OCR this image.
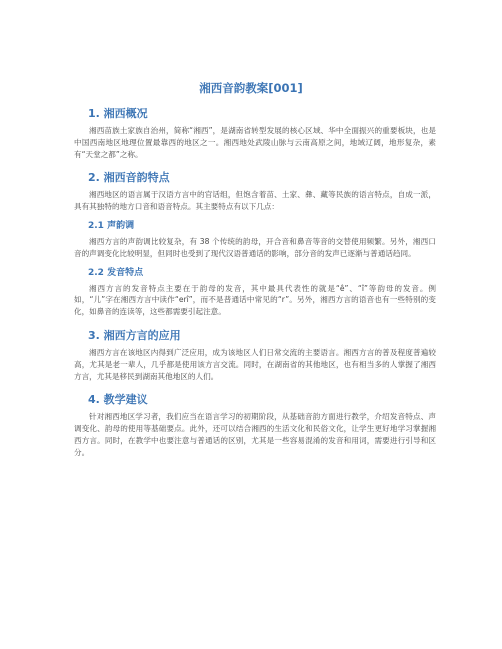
湘西音韵教案[001]
1. 湘西概况

湘西苗族土家族自治州，简称“湘西”，是湖南省转型发展的核心区域、华中全面振兴的重要板块，也是中国西南地区地理位置最靠西的地区之一。湘西地处武陵山脉与云南高原之间，地域辽阔，地形复杂，素有“天堂之都”之称。

2. 湘西音韵特点

湘西地区的语言属于汉语方言中的官话组，但饱含着苗、土家、彝、藏等民族的语言特点，自成一派，具有其独特的地方口音和语音特点。其主要特点有以下几点：

2.1 声韵调

湘西方言的声韵调比较复杂，有 38 个传统的韵母，开合音和鼻音等音的交替使用频繁。另外，湘西口音的声调变化比较明显，但同时也受到了现代汉语普通话的影响，部分音的发声已逐渐与普通话趋同。

2.2 发音特点

湘西方言的发音特点主要在于韵母的发音，其中最具代表性的就是“ê”、“î”等韵母的发音。例如，“儿”字在湘西方言中读作“erî”，而不是普通话中常见的“r”。另外，湘西方言的语音也有一些特别的变化，如鼻音的连读等，这些都需要引起注意。

3. 湘西方言的应用

湘西方言在该地区内得到广泛应用，成为该地区人们日常交流的主要语言。湘西方言的普及程度普遍较高，尤其是老一辈人，几乎都是使用该方言交流。同时，在湖南省的其他地区，也有相当多的人掌握了湘西方言，尤其是移民到湖南其他地区的人们。

4. 教学建议

针对湘西地区学习者，我们应当在语言学习的初期阶段，从基础音韵方面进行教学，介绍发音特点、声调变化、韵母的使用等基础要点。此外，还可以结合湘西的生活文化和民俗文化，让学生更好地学习掌握湘西方言。同时，在教学中也要注意与普通话的区别，尤其是一些容易混淆的发音和用词，需要进行引导和区分。
